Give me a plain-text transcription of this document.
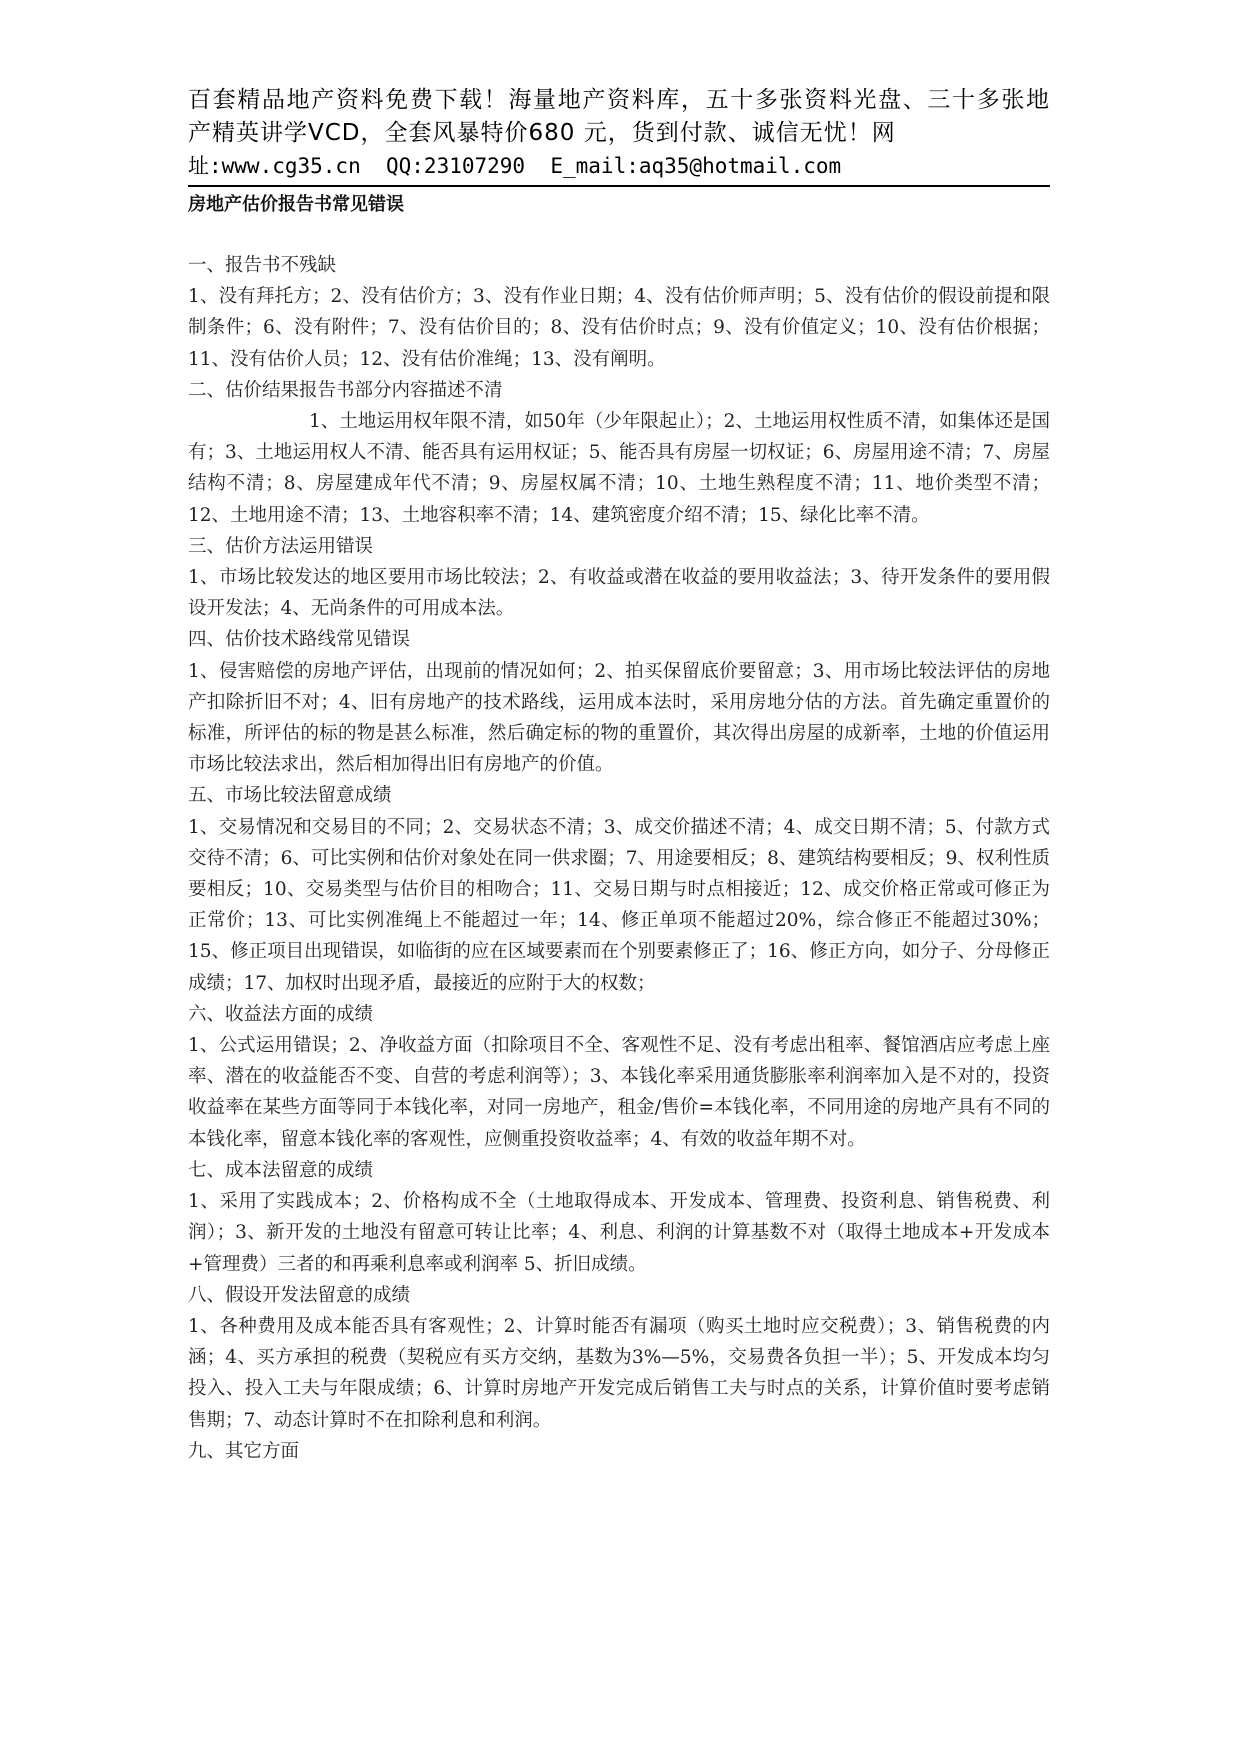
百套精品地产资料免费下载！海量地产资料库，五十多张资料光盘、三十多张地产精英讲学VCD，全套风暴特价680 元，货到付款、诚信无忧！网
址:www.cg35.cn  QQ:23107290  E_mail:aq35@hotmail.com
房地产估价报告书常见错误
一、报告书不残缺
1、没有拜托方；2、没有估价方；3、没有作业日期；4、没有估价师声明；5、没有估价的假设前提和限制条件；6、没有附件；7、没有估价目的；8、没有估价时点；9、没有价值定义；10、没有估价根据；11、没有估价人员；12、没有估价准绳；13、没有阐明。
二、估价结果报告书部分内容描述不清
1、土地运用权年限不清，如50年（少年限起止）；2、土地运用权性质不清，如集体还是国有；3、土地运用权人不清、能否具有运用权证；5、能否具有房屋一切权证；6、房屋用途不清；7、房屋结构不清；8、房屋建成年代不清；9、房屋权属不清；10、土地生熟程度不清；11、地价类型不清；12、土地用途不清；13、土地容积率不清；14、建筑密度介绍不清；15、绿化比率不清。
三、估价方法运用错误
1、市场比较发达的地区要用市场比较法；2、有收益或潜在收益的要用收益法；3、待开发条件的要用假设开发法；4、无尚条件的可用成本法。
四、估价技术路线常见错误
1、侵害赔偿的房地产评估，出现前的情况如何；2、拍买保留底价要留意；3、用市场比较法评估的房地产扣除折旧不对；4、旧有房地产的技术路线，运用成本法时，采用房地分估的方法。首先确定重置价的标准，所评估的标的物是甚么标准，然后确定标的物的重置价，其次得出房屋的成新率，土地的价值运用市场比较法求出，然后相加得出旧有房地产的价值。
五、市场比较法留意成绩
1、交易情况和交易目的不同；2、交易状态不清；3、成交价描述不清；4、成交日期不清；5、付款方式交待不清；6、可比实例和估价对象处在同一供求圈；7、用途要相反；8、建筑结构要相反；9、权利性质要相反；10、交易类型与估价目的相吻合；11、交易日期与时点相接近；12、成交价格正常或可修正为正常价；13、可比实例准绳上不能超过一年；14、修正单项不能超过20%，综合修正不能超过30%；15、修正项目出现错误，如临街的应在区域要素而在个别要素修正了；16、修正方向，如分子、分母修正成绩；17、加权时出现矛盾，最接近的应附于大的权数；
六、收益法方面的成绩
1、公式运用错误；2、净收益方面（扣除项目不全、客观性不足、没有考虑出租率、餐馆酒店应考虑上座率、潜在的收益能否不变、自营的考虑利润等）；3、本钱化率采用通货膨胀率利润率加入是不对的，投资收益率在某些方面等同于本钱化率，对同一房地产，租金/售价=本钱化率，不同用途的房地产具有不同的本钱化率，留意本钱化率的客观性，应侧重投资收益率；4、有效的收益年期不对。
七、成本法留意的成绩
1、采用了实践成本；2、价格构成不全（土地取得成本、开发成本、管理费、投资利息、销售税费、利润）；3、新开发的土地没有留意可转让比率；4、利息、利润的计算基数不对（取得土地成本+开发成本+管理费）三者的和再乘利息率或利润率 5、折旧成绩。
八、假设开发法留意的成绩
1、各种费用及成本能否具有客观性；2、计算时能否有漏项（购买土地时应交税费）；3、销售税费的内涵；4、买方承担的税费（契税应有买方交纳，基数为3%—5%，交易费各负担一半）；5、开发成本均匀投入、投入工夫与年限成绩；6、计算时房地产开发完成后销售工夫与时点的关系，计算价值时要考虑销售期；7、动态计算时不在扣除利息和利润。
九、其它方面
